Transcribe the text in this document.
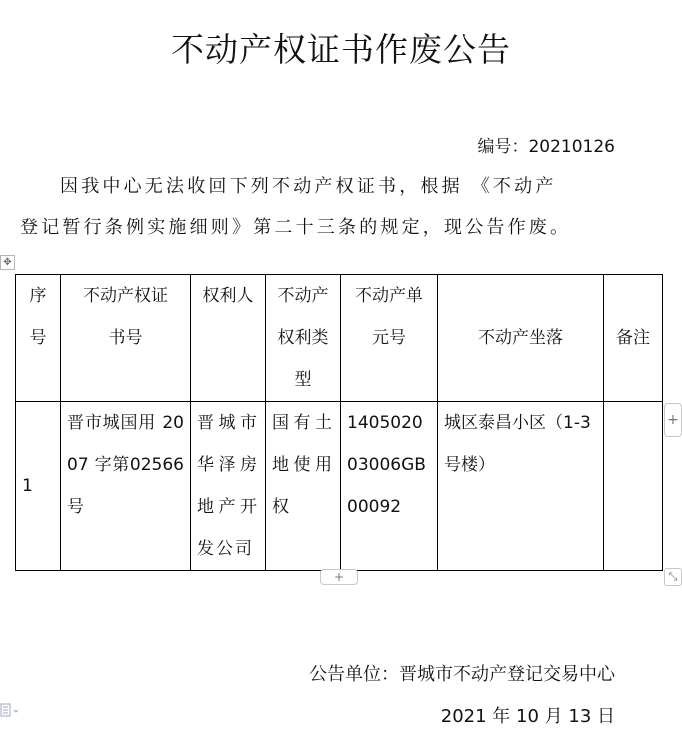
不动产权证书作废公告
编号：20210126
因我中心无法收回下列不动产权证书，根据 《不动产
登记暂行条例实施细则》第二十三条的规定，现公告作废。
✥
序号	不动产权证书号	权利人	不动产权利类型	不动产单元号	不动产坐落	备注
1	晋市城国用 2007 字第02566号	晋城市华泽房地产开发公司	国有土地使用权	140502003006GB00092	城区泰昌小区（1-3 号楼）	
+
+	⤡
公告单位：晋城市不动产登记交易中心
2021 年 10 月 13 日
